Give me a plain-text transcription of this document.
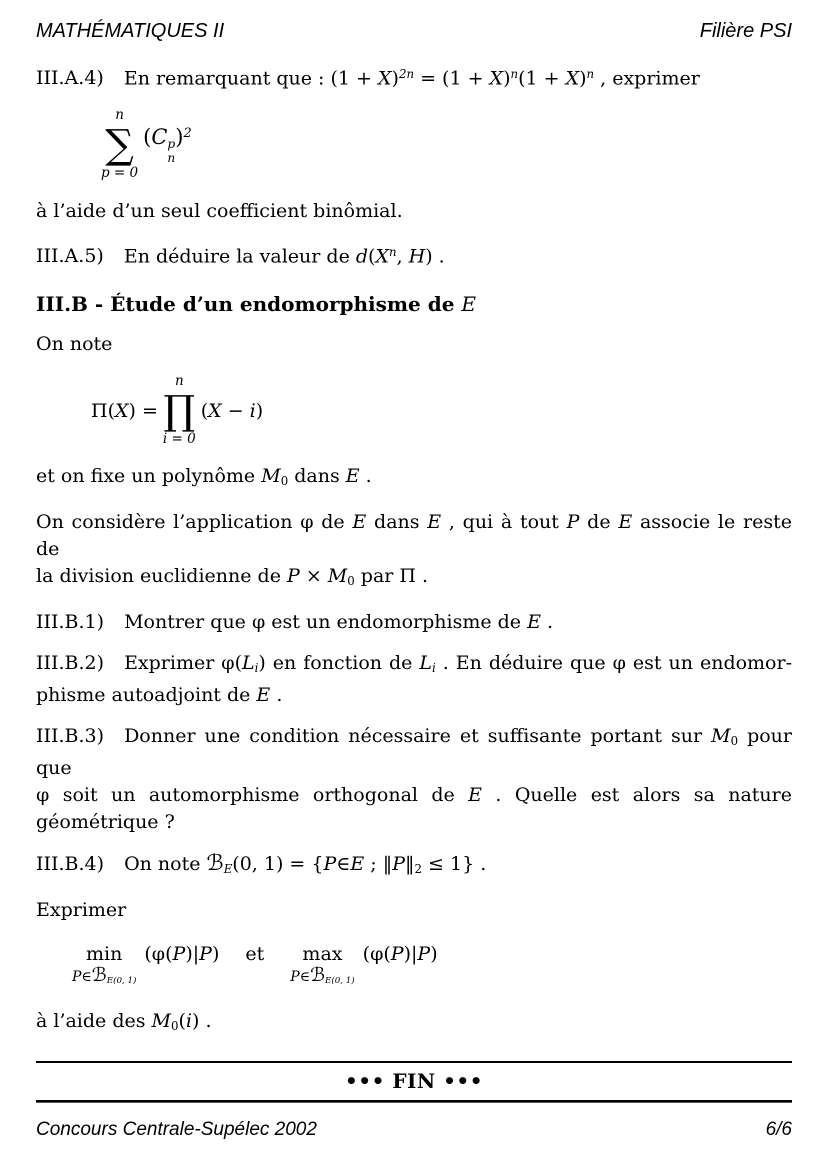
MATHÉMATIQUES II	Filière PSI
III.A.4) En remarquant que : $(1 + X)^{2n} = (1 + X)^n(1 + X)^n$ , exprimer
n
∑
p = 0
(C p
n
)$^2$
à l’aide d’un seul coefficient binômial.
III.A.5) En déduire la valeur de $d(X^n$, H) .
III.B - Étude d’un endomorphisme de E
On note
Π(X) =
n
∏
i = 0
(X − i)
et on fixe un polynôme M0 dans E .
On considère l’application φ de E dans E , qui à tout P de E associe le reste de
la division euclidienne de P × M0 par Π .
III.B.1) Montrer que φ est un endomorphisme de E .
III.B.2) Exprimer φ(Li) en fonction de Li . En déduire que φ est un endomor-
phisme autoadjoint de E .
III.B.3) Donner une condition nécessaire et suffisante portant sur M0 pour que
φ soit un automorphisme orthogonal de E . Quelle est alors sa nature
géométrique ?
III.B.4) On note ℬE(0, 1) = {P∈E ; ‖P‖2 ≤ 1} .
Exprimer
min
P∈ℬE(0, 1)
(φ(P)|P)	et	max
P∈ℬE(0, 1)
(φ(P)|P)
à l’aide des M0(i) .
••• FIN •••
Concours Centrale-Supélec 2002	6/6
